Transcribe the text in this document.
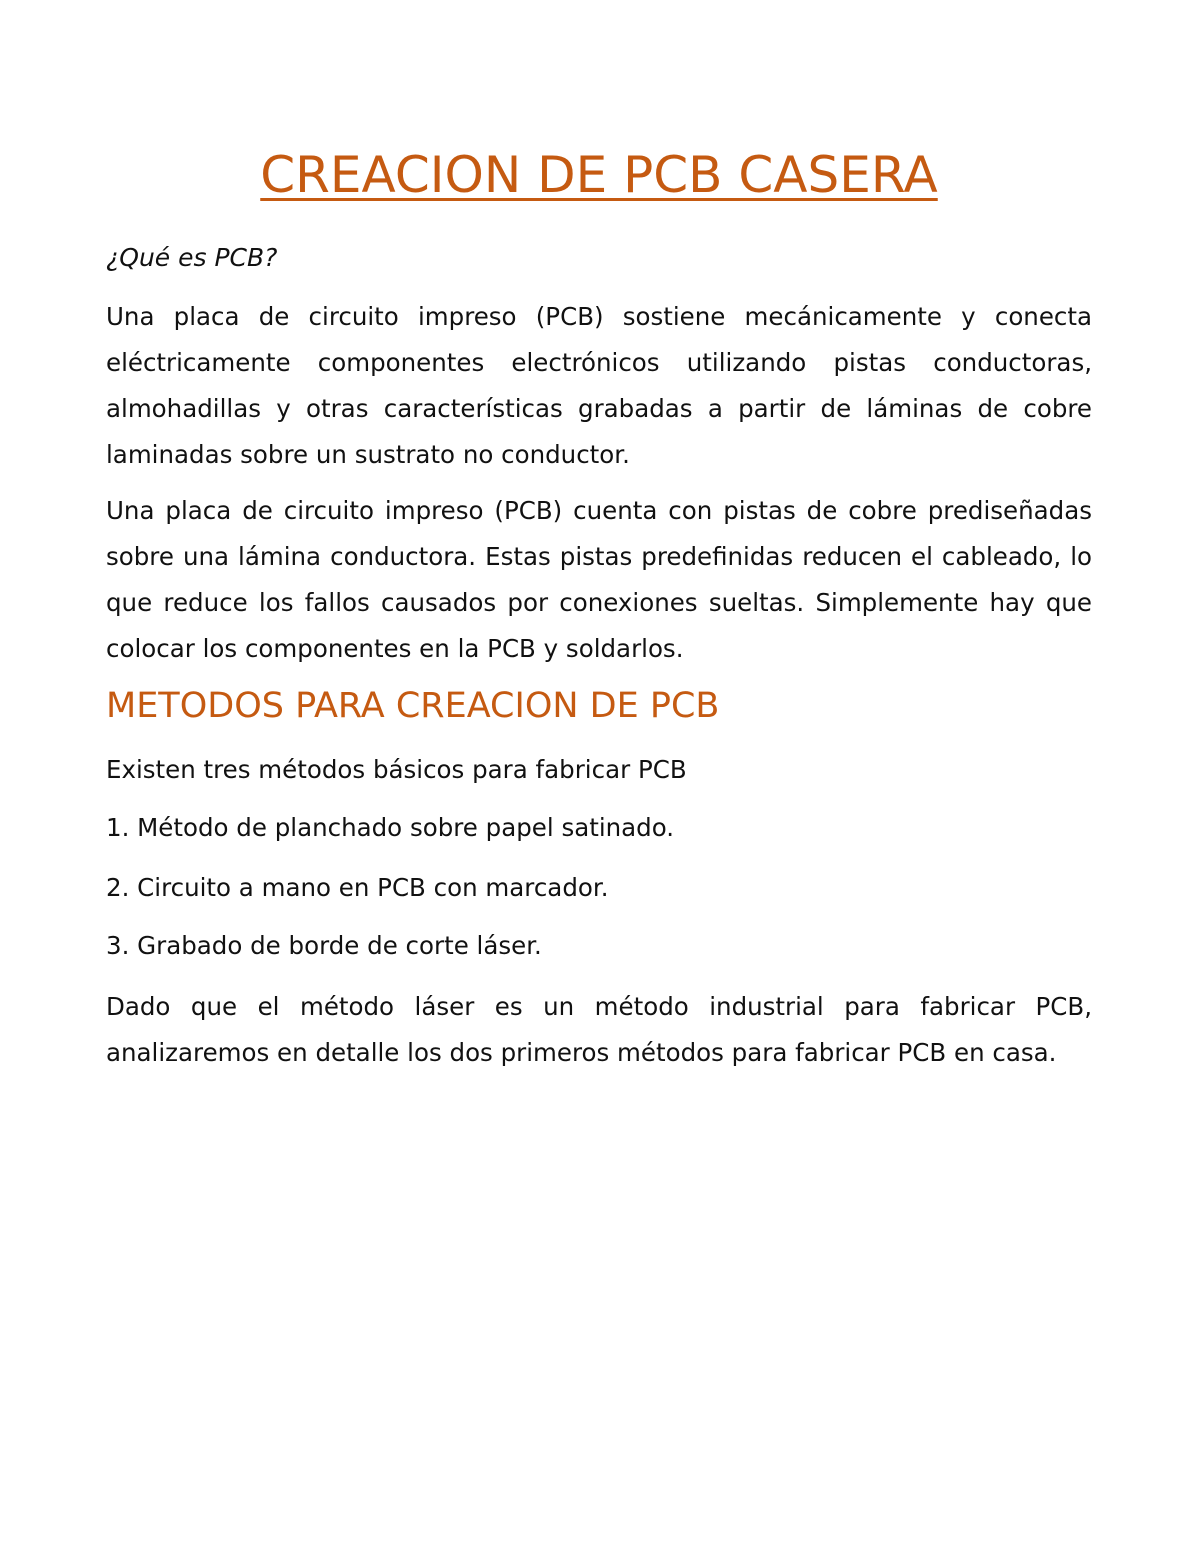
CREACION DE PCB CASERA

¿Qué es PCB?

Una placa de circuito impreso (PCB) sostiene mecánicamente y conecta eléctricamente componentes electrónicos utilizando pistas conductoras, almohadillas y otras características grabadas a partir de láminas de cobre laminadas sobre un sustrato no conductor.

Una placa de circuito impreso (PCB) cuenta con pistas de cobre prediseñadas sobre una lámina conductora. Estas pistas predefinidas reducen el cableado, lo que reduce los fallos causados por conexiones sueltas. Simplemente hay que colocar los componentes en la PCB y soldarlos.

METODOS PARA CREACION DE PCB

Existen tres métodos básicos para fabricar PCB

1. Método de planchado sobre papel satinado.

2. Circuito a mano en PCB con marcador.

3. Grabado de borde de corte láser.

Dado que el método láser es un método industrial para fabricar PCB, analizaremos en detalle los dos primeros métodos para fabricar PCB en casa.
